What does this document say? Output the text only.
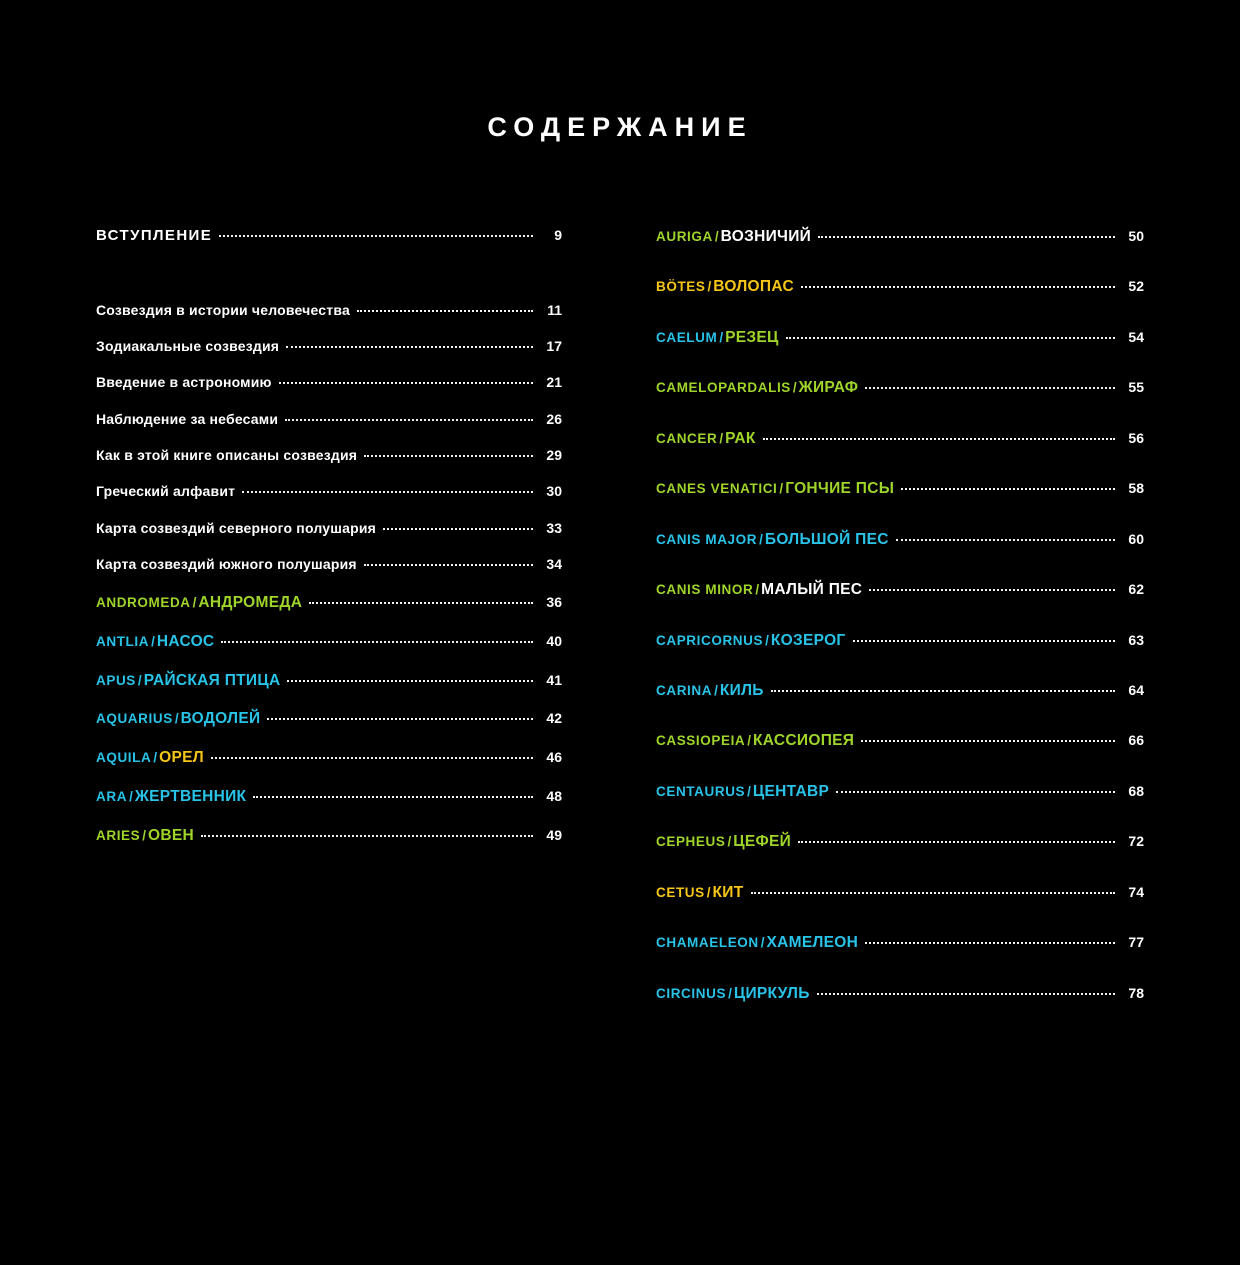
СОДЕРЖАНИЕ
ВСТУПЛЕНИЕ	9
Созвездия в истории человечества	11
Зодиакальные созвездия	17
Введение в астрономию	21
Наблюдение за небесами	26
Как в этой книге описаны созвездия	29
Греческий алфавит	30
Карта созвездий северного полушария	33
Карта созвездий южного полушария	34
ANDROMEDA / АНДРОМЕДА	36
ANTLIA / НАСОС	40
APUS / РАЙСКАЯ ПТИЦА	41
AQUARIUS / ВОДОЛЕЙ	42
AQUILA / ОРЕЛ	46
ARA / ЖЕРТВЕННИК	48
ARIES / ОВЕН	49
AURIGA / ВОЗНИЧИЙ	50
BÖTES / ВОЛОПАС	52
CAELUM / РЕЗЕЦ	54
CAMELOPARDALIS / ЖИРАФ	55
CANCER / РАК	56
CANES VENATICI / ГОНЧИЕ ПСЫ	58
CANIS MAJOR / БОЛЬШОЙ ПЕС	60
CANIS MINOR / МАЛЫЙ ПЕС	62
CAPRICORNUS / КОЗЕРОГ	63
CARINA / КИЛЬ	64
CASSIOPEIA / КАССИОПЕЯ	66
CENTAURUS / ЦЕНТАВР	68
CEPHEUS / ЦЕФЕЙ	72
CETUS / КИТ	74
CHAMAELEON / ХАМЕЛЕОН	77
CIRCINUS / ЦИРКУЛЬ	78
